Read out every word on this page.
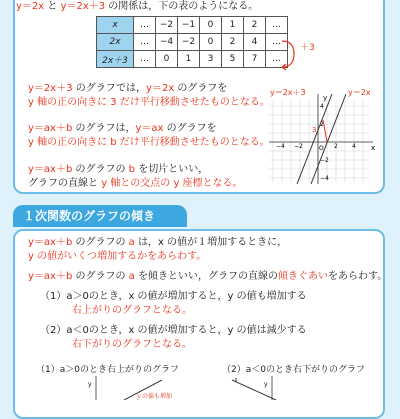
y＝2x と y＝2x＋3 の関係は，下の表のようになる。
x	…	−2	−1	0	1	2	…
2x	…	−4	−2	0	2	4	…
2x＋3	…	0	1	3	5	7	…
＋3
y＝2x＋3 のグラフでは，y＝2x のグラフを
y 軸の正の向きに 3 だけ平行移動させたものとなる。
y＝ax＋b のグラフは，y＝ax のグラフを
y 軸の正の向きに b だけ平行移動させたものとなる。
y＝ax＋b のグラフの b を切片といい，
グラフの直線と y 軸との交点の y 座標となる。
y＝2x＋3	y＝2x
y
x
O
−4 −2	2 4
4
2
−2
−4
3
１次関数のグラフの傾き
y＝ax＋b のグラフの a は，x の値が１増加するときに，
y の値がいくつ増加するかをあらわす。
y＝ax＋b のグラフの a を傾きといい，グラフの直線の傾きぐあいをあらわす。
（1）a＞0のとき，x の値が増加すると，y の値も増加する
右上がりのグラフとなる。
（2）a＜0のとき，x の値が増加すると，y の値は減少する
右下がりのグラフとなる。
（1）a＞0のとき右上がりのグラフ	（2）a＜0のとき右下がりのグラフ
y
ｙの値も増加
y
